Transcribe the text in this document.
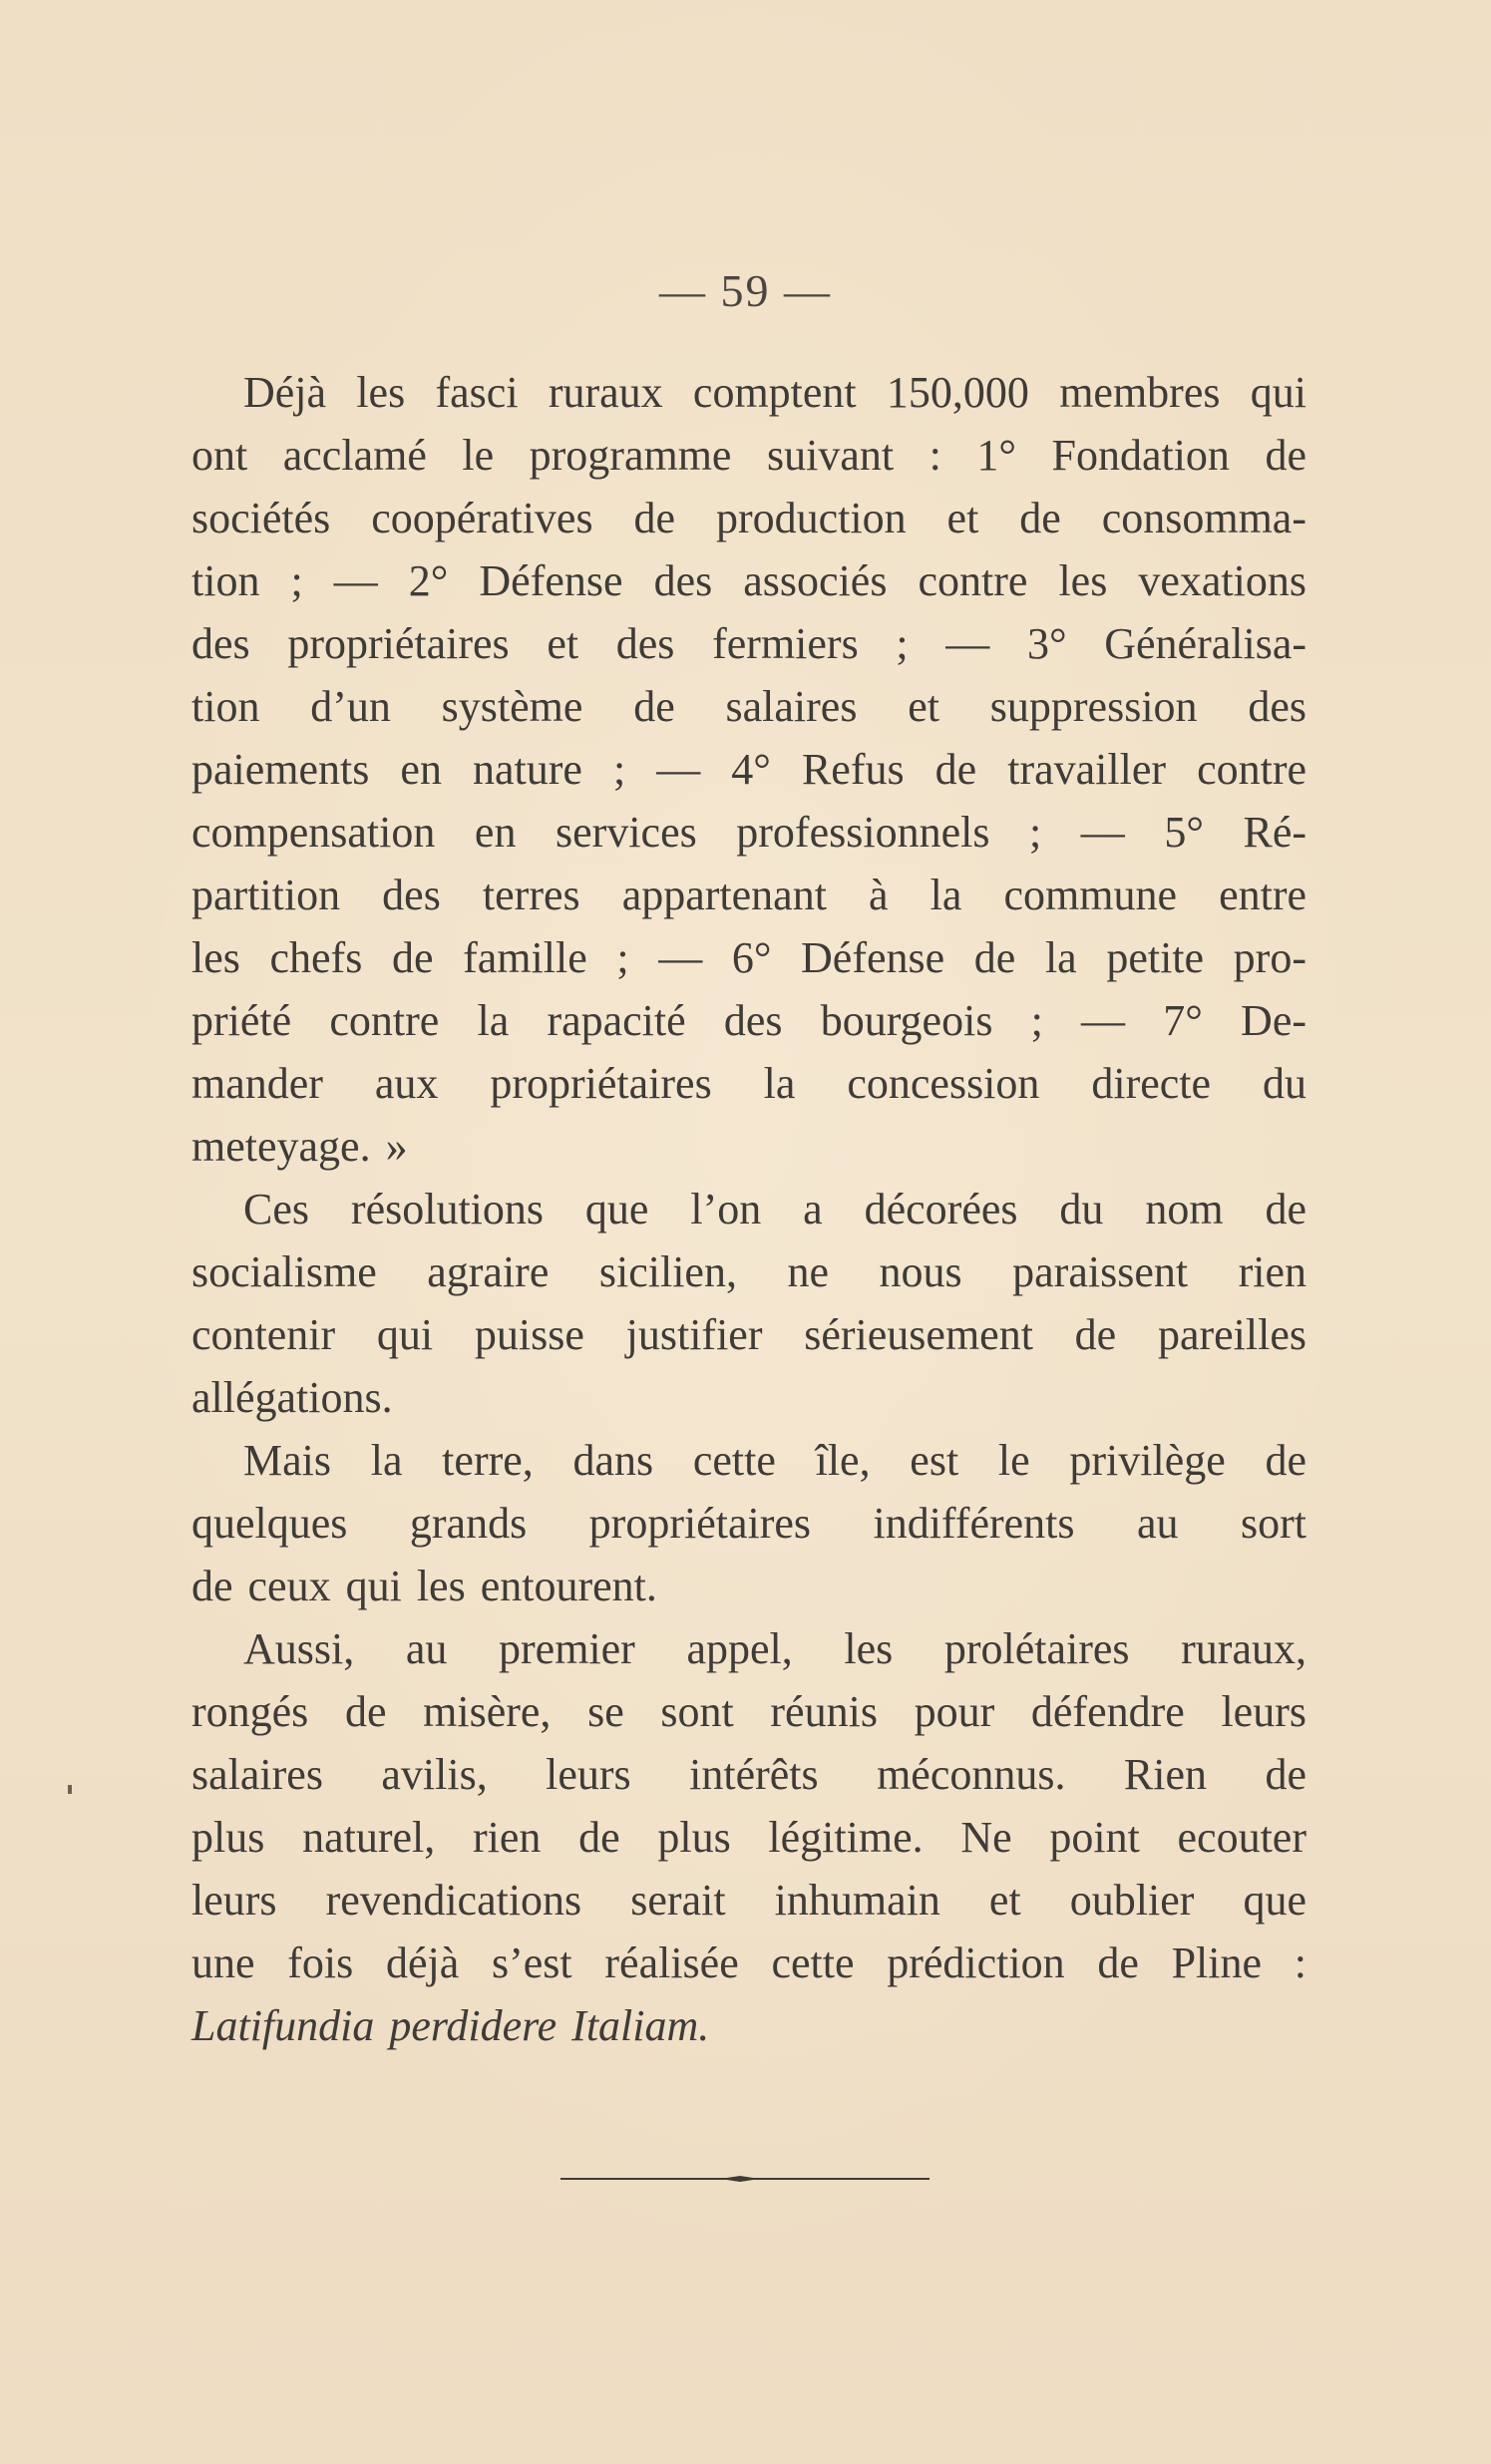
— 59 —
Déjà les fasci ruraux comptent 150,000 membres qui
ont acclamé le programme suivant : 1° Fondation de
sociétés coopératives de production et de consomma-
tion ; — 2° Défense des associés contre les vexations
des propriétaires et des fermiers ; — 3° Généralisa-
tion d’un système de salaires et suppression des
paiements en nature ; — 4° Refus de travailler contre
compensation en services professionnels ; — 5° Ré-
partition des terres appartenant à la commune entre
les chefs de famille ; — 6° Défense de la petite pro-
priété contre la rapacité des bourgeois ; — 7° De-
mander aux propriétaires la concession directe du
meteyage. »
Ces résolutions que l’on a décorées du nom de
socialisme agraire sicilien, ne nous paraissent rien
contenir qui puisse justifier sérieusement de pareilles
allégations.
Mais la terre, dans cette île, est le privilège de
quelques grands propriétaires indifférents au sort
de ceux qui les entourent.
Aussi, au premier appel, les prolétaires ruraux,
rongés de misère, se sont réunis pour défendre leurs
salaires avilis, leurs intérêts méconnus. Rien de
plus naturel, rien de plus légitime. Ne point ecouter
leurs revendications serait inhumain et oublier que
une fois déjà s’est réalisée cette prédiction de Pline :
Latifundia perdidere Italiam.
